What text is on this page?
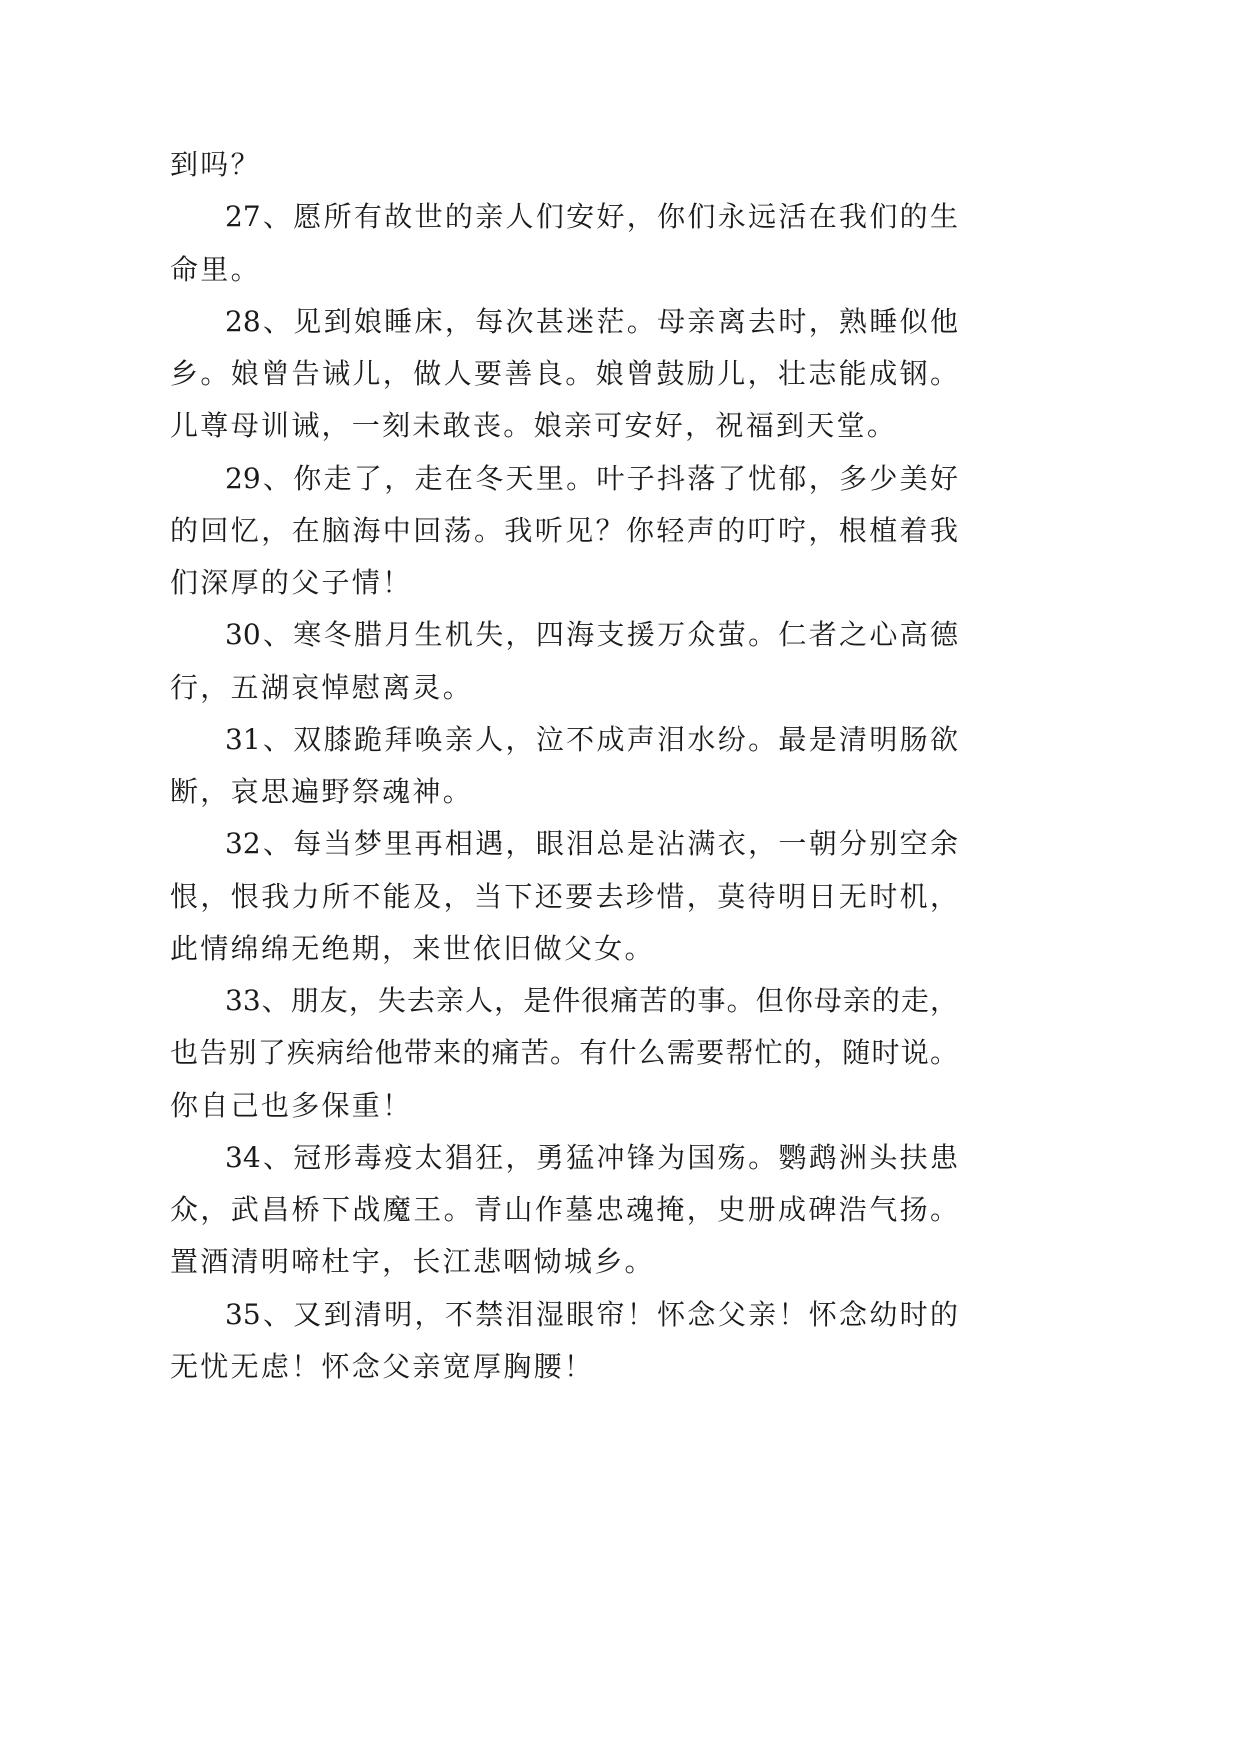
到吗？
27、愿所有故世的亲人们安好，你们永远活在我们的生
命里。
28、见到娘睡床，每次甚迷茫。母亲离去时，熟睡似他
乡。娘曾告诫儿，做人要善良。娘曾鼓励儿，壮志能成钢。
儿尊母训诫，一刻未敢丧。娘亲可安好，祝福到天堂。
29、你走了，走在冬天里。叶子抖落了忧郁，多少美好
的回忆，在脑海中回荡。我听见？你轻声的叮咛，根植着我
们深厚的父子情！
30、寒冬腊月生机失，四海支援万众萤。仁者之心高德
行，五湖哀悼慰离灵。
31、双膝跪拜唤亲人，泣不成声泪水纷。最是清明肠欲
断，哀思遍野祭魂神。
32、每当梦里再相遇，眼泪总是沾满衣，一朝分别空余
恨，恨我力所不能及，当下还要去珍惜，莫待明日无时机，
此情绵绵无绝期，来世依旧做父女。
33、朋友，失去亲人，是件很痛苦的事。但你母亲的走，
也告别了疾病给他带来的痛苦。有什么需要帮忙的，随时说。
你自己也多保重！
34、冠形毒疫太猖狂，勇猛冲锋为国殇。鹦鹉洲头扶患
众，武昌桥下战魔王。青山作墓忠魂掩，史册成碑浩气扬。
置酒清明啼杜宇，长江悲咽恸城乡。
35、又到清明，不禁泪湿眼帘！怀念父亲！怀念幼时的
无忧无虑！怀念父亲宽厚胸腰！
